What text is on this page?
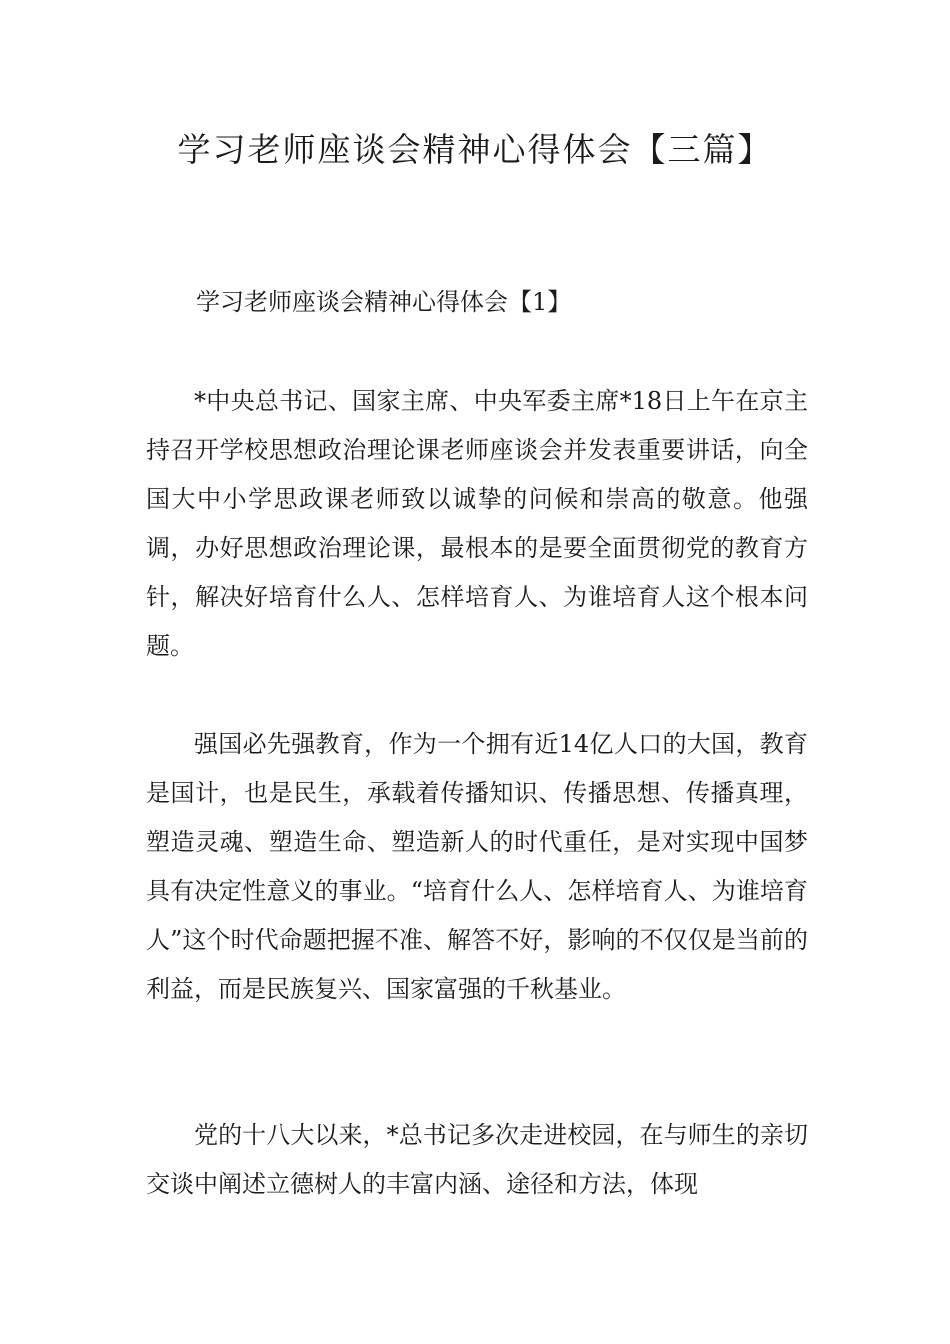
学习老师座谈会精神心得体会【三篇】

学习老师座谈会精神心得体会【1】

*中央总书记、国家主席、中央军委主席*18日上午在京主持召开学校思想政治理论课老师座谈会并发表重要讲话，向全国大中小学思政课老师致以诚挚的问候和崇高的敬意。他强调，办好思想政治理论课，最根本的是要全面贯彻党的教育方针，解决好培育什么人、怎样培育人、为谁培育人这个根本问题。

强国必先强教育，作为一个拥有近14亿人口的大国，教育是国计，也是民生，承载着传播知识、传播思想、传播真理，塑造灵魂、塑造生命、塑造新人的时代重任，是对实现中国梦具有决定性意义的事业。“培育什么人、怎样培育人、为谁培育人”这个时代命题把握不准、解答不好，影响的不仅仅是当前的利益，而是民族复兴、国家富强的千秋基业。

党的十八大以来，*总书记多次走进校园，在与师生的亲切交谈中阐述立德树人的丰富内涵、途径和方法，体现
